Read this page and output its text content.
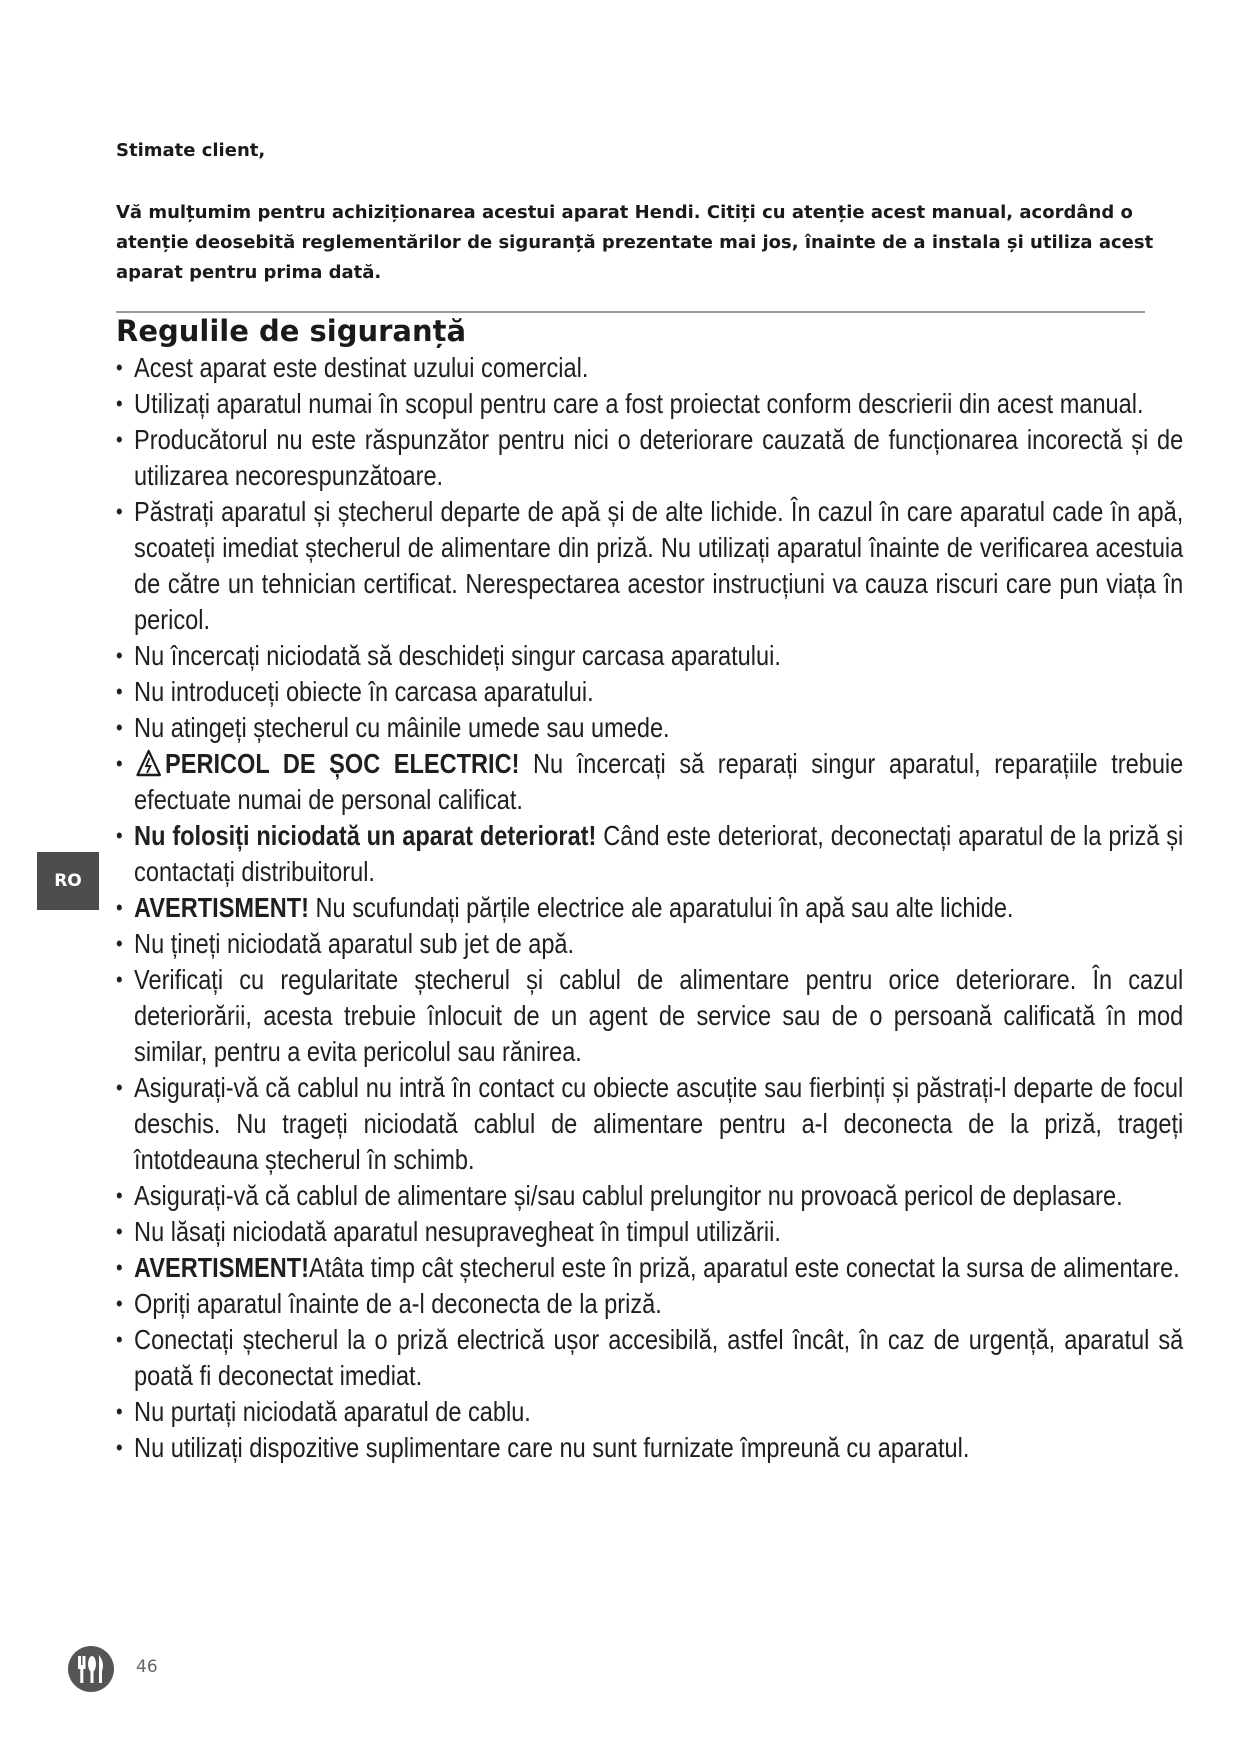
Stimate client,
Vă mulțumim pentru achiziționarea acestui aparat Hendi. Citiți cu atenție acest manual, acordând o atenție deosebită reglementărilor de siguranță prezentate mai jos, înainte de a instala și utiliza acest aparat pentru prima dată.
Regulile de siguranță
• Acest aparat este destinat uzului comercial.
• Utilizați aparatul numai în scopul pentru care a fost proiectat conform descrierii din acest manual.
• Producătorul nu este răspunzător pentru nici o deteriorare cauzată de funcționarea incorectă și de utilizarea necorespunzătoare.
• Păstrați aparatul și ștecherul departe de apă și de alte lichide. În cazul în care aparatul cade în apă, scoateți imediat ștecherul de alimentare din priză. Nu utilizați aparatul înainte de verificarea acestuia de către un tehnician certificat. Nerespectarea acestor instrucțiuni va cauza riscuri care pun viața în pericol.
• Nu încercați niciodată să deschideți singur carcasa aparatului.
• Nu introduceți obiecte în carcasa aparatului.
• Nu atingeți ștecherul cu mâinile umede sau umede.
• PERICOL DE ȘOC ELECTRIC! Nu încercați să reparați singur aparatul, reparațiile trebuie efectuate numai de personal calificat.
• Nu folosiți niciodată un aparat deteriorat! Când este deteriorat, deconectați aparatul de la priză și contactați distribuitorul.
• AVERTISMENT! Nu scufundați părțile electrice ale aparatului în apă sau alte lichide.
• Nu țineți niciodată aparatul sub jet de apă.
• Verificați cu regularitate ștecherul și cablul de alimentare pentru orice deteriorare. În cazul deteriorării, acesta trebuie înlocuit de un agent de service sau de o persoană calificată în mod similar, pentru a evita pericolul sau rănirea.
• Asigurați-vă că cablul nu intră în contact cu obiecte ascuțite sau fierbinți și păstrați-l departe de focul deschis. Nu trageți niciodată cablul de alimentare pentru a-l deconecta de la priză, trageți întotdeauna ștecherul în schimb.
• Asigurați-vă că cablul de alimentare și/sau cablul prelungitor nu provoacă pericol de deplasare.
• Nu lăsați niciodată aparatul nesupravegheat în timpul utilizării.
• AVERTISMENT!Atâta timp cât ștecherul este în priză, aparatul este conectat la sursa de alimentare.
• Opriți aparatul înainte de a-l deconecta de la priză.
• Conectați ștecherul la o priză electrică ușor accesibilă, astfel încât, în caz de urgență, aparatul să poată fi deconectat imediat.
• Nu purtați niciodată aparatul de cablu.
• Nu utilizați dispozitive suplimentare care nu sunt furnizate împreună cu aparatul.
RO
46
